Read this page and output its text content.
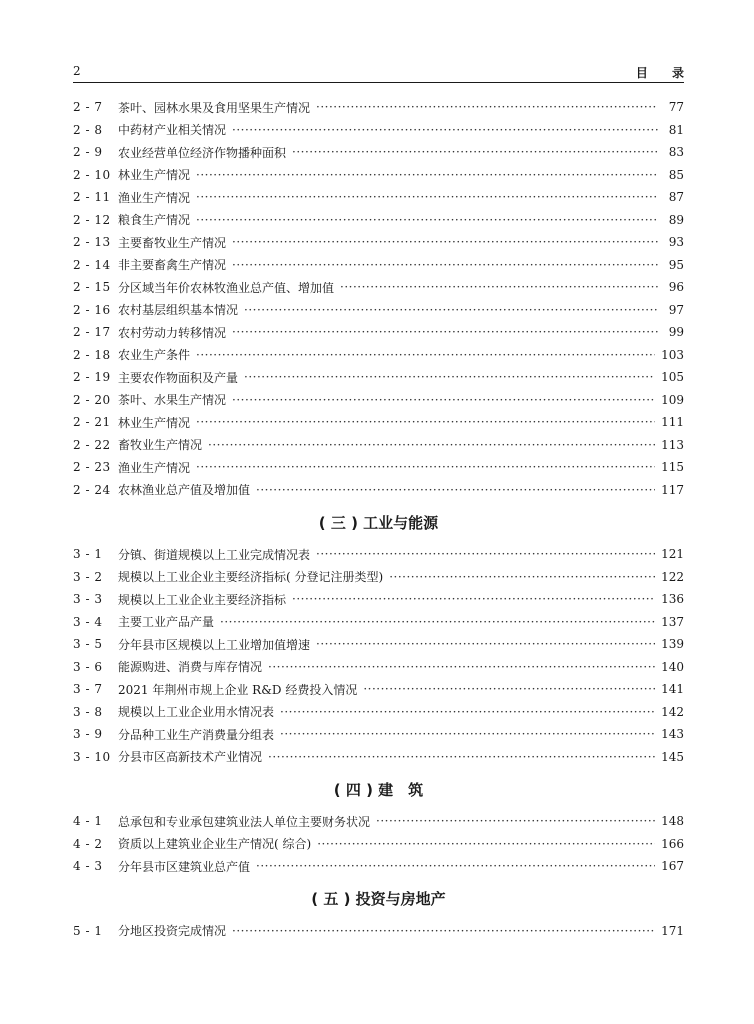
2	目 录
2 - 7	茶叶、园林水果及食用坚果生产情况 ·····	77
2 - 8	中药材产业相关情况 ·····	81
2 - 9	农业经营单位经济作物播种面积 ·····	83
2 - 10 林业生产情况 ·····	85
2 - 11 渔业生产情况 ·····	87
2 - 12 粮食生产情况 ·····	89
2 - 13 主要畜牧业生产情况 ·····	93
2 - 14 非主要畜禽生产情况 ·····	95
2 - 15 分区域当年价农林牧渔业总产值、增加值 ·····	96
2 - 16 农村基层组织基本情况 ·····	97
2 - 17 农村劳动力转移情况 ·····	99
2 - 18 农业生产条件 ·····	103
2 - 19 主要农作物面积及产量 ·····	105
2 - 20 茶叶、水果生产情况 ·····	109
2 - 21 林业生产情况 ·····	111
2 - 22 畜牧业生产情况 ·····	113
2 - 23 渔业生产情况 ·····	115
2 - 24 农林渔业总产值及增加值 ·····	117
( 三 ) 工业与能源
3 - 1	分镇、街道规模以上工业完成情况表 ·····	121
3 - 2	规模以上工业企业主要经济指标( 分登记注册类型) ·····	122
3 - 3	规模以上工业企业主要经济指标 ·····	136
3 - 4	主要工业产品产量 ·····	137
3 - 5	分年县市区规模以上工业增加值增速 ·····	139
3 - 6	能源购进、消费与库存情况 ·····	140
3 - 7	2021 年荆州市规上企业 R&D 经费投入情况 ·····	141
3 - 8	规模以上工业企业用水情况表 ·····	142
3 - 9	分品种工业生产消费量分组表 ·····	143
3 - 10 分县市区高新技术产业情况 ·····	145
( 四 ) 建　筑
4 - 1	总承包和专业承包建筑业法人单位主要财务状况 ·····	148
4 - 2	资质以上建筑业企业生产情况( 综合) ·····	166
4 - 3	分年县市区建筑业总产值 ·····	167
( 五 ) 投资与房地产
5 - 1	分地区投资完成情况 ·····	171
